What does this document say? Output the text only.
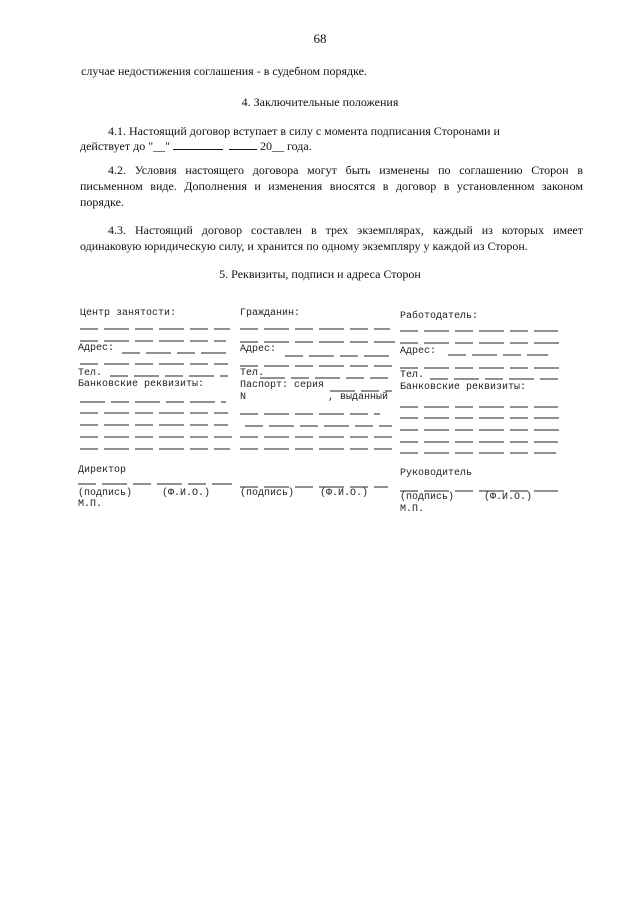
68
случае недостижения соглашения - в судебном порядке.
4. Заключительные положения
4.1. Настоящий договор вступает в силу с момента подписания Сторонами и
действует до "__"	20__ года.
4.2. Условия настоящего договора могут быть изменены по соглашению Сторон в письменном виде. Дополнения и изменения вносятся в договор в установленном законом порядке.
4.3. Настоящий договор составлен в трех экземплярах, каждый из которых имеет одинаковую юридическую силу, и хранится по одному экземпляру у каждой из Сторон.
5. Реквизиты, подписи и адреса Сторон
Центр занятости:
Адрес:
Тел.
Банковские реквизиты:
Директор
(подпись)	(Ф.И.О.)
М.П.
Гражданин:
Адрес:
Тел.
Паспорт: серия
N	, выданный
(подпись)	(Ф.И.О.)
Работодатель:
Адрес:
Тел.
Банковские реквизиты:
Руководитель
(подпись)	(Ф.И.О.)
М.П.
